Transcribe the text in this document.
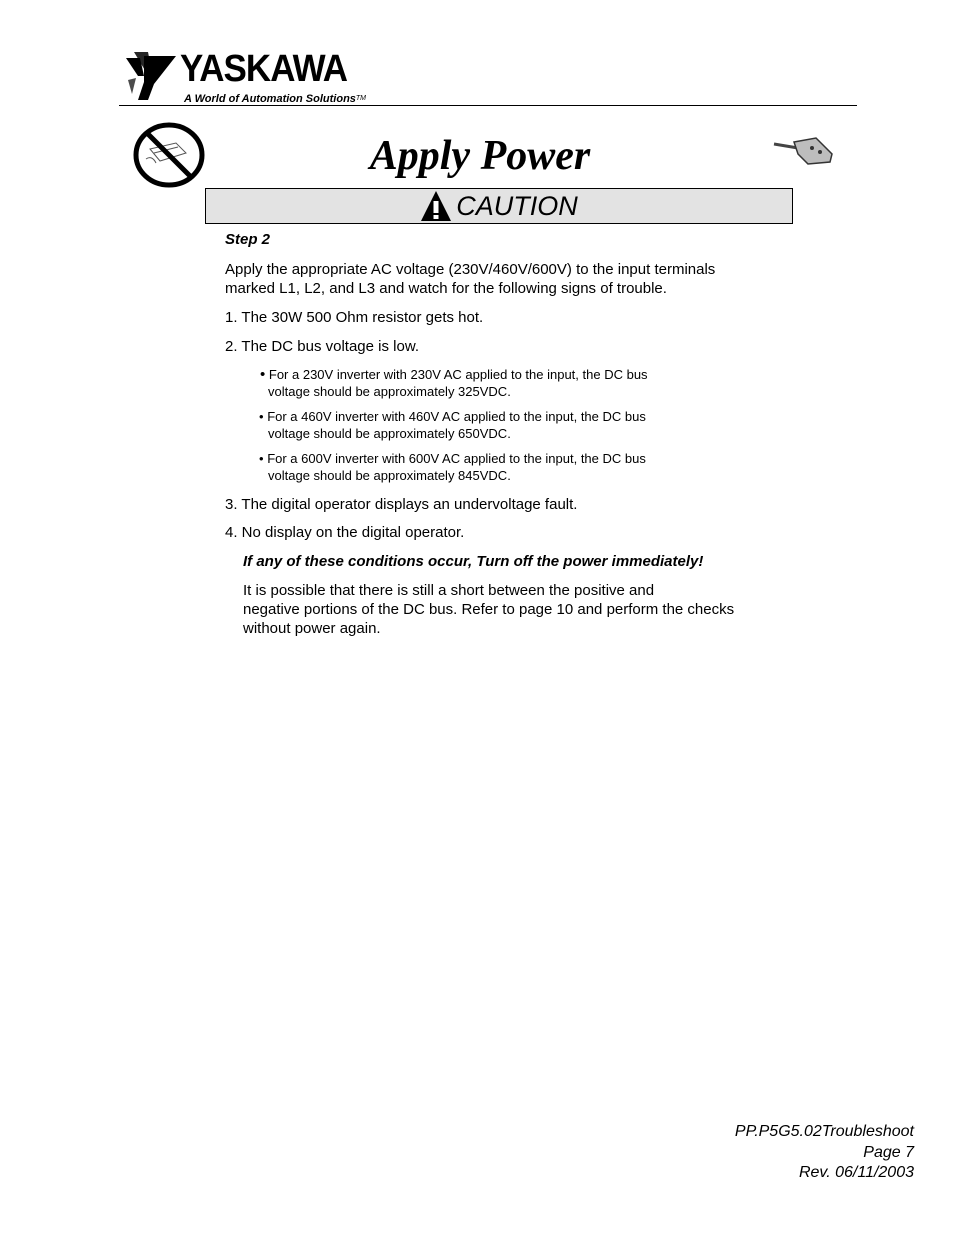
YASKAWA
A World of Automation Solutions™
Apply Power
CAUTION
Step 2
Apply the appropriate AC voltage (230V/460V/600V) to the input terminals
marked L1, L2, and L3 and watch for the following signs of trouble.
1. The 30W 500 Ohm resistor gets hot.
2. The DC bus voltage is low.
• For a 230V inverter with 230V AC applied to the input, the DC bus
voltage should be approximately 325VDC.
• For a 460V inverter with 460V AC applied to the input, the DC bus
voltage should be approximately 650VDC.
• For a 600V inverter with 600V AC applied to the input, the DC bus
voltage should be approximately 845VDC.
3. The digital operator displays an undervoltage fault.
4. No display on the digital operator.
If any of these conditions occur, Turn off the power immediately!
It is possible that there is still a short between the positive and
negative portions of the DC bus. Refer to page 10 and perform the checks
without power again.
PP.P5G5.02Troubleshoot
Page 7
Rev. 06/11/2003
